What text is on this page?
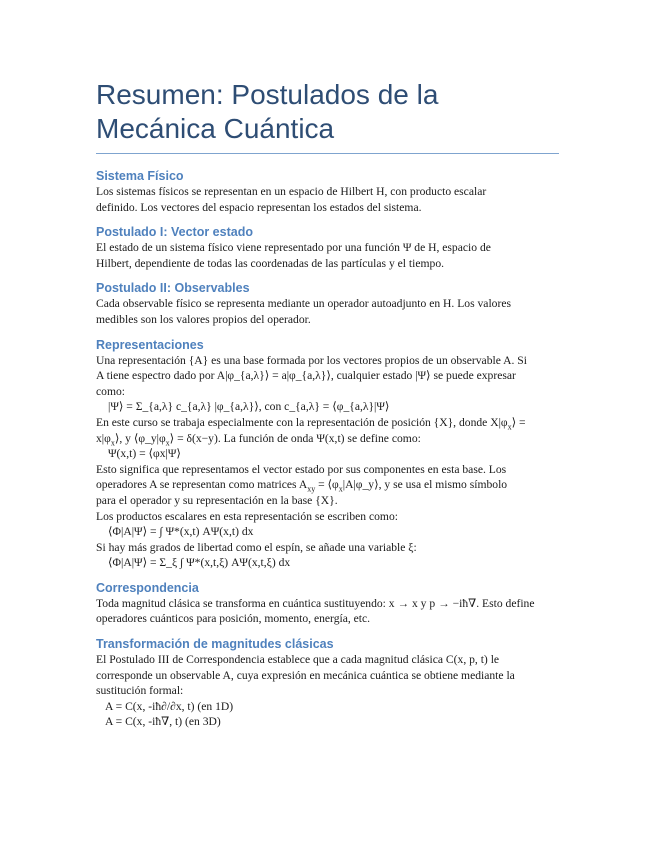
Resumen: Postulados de la Mecánica Cuántica

Sistema Físico

Los sistemas físicos se representan en un espacio de Hilbert H, con producto escalar

definido. Los vectores del espacio representan los estados del sistema.

Postulado I: Vector estado

El estado de un sistema físico viene representado por una función Ψ de H, espacio de

Hilbert, dependiente de todas las coordenadas de las partículas y el tiempo.

Postulado II: Observables

Cada observable físico se representa mediante un operador autoadjunto en H. Los valores

medibles son los valores propios del operador.

Representaciones

Una representación {A} es una base formada por los vectores propios de un observable A. Si

A tiene espectro dado por A|φ_{a,λ}⟩ = a|φ_{a,λ}⟩, cualquier estado |Ψ⟩ se puede expresar

como:

|Ψ⟩ = Σ_{a,λ} c_{a,λ} |φ_{a,λ}⟩, con c_{a,λ} = ⟨φ_{a,λ}|Ψ⟩

En este curso se trabaja especialmente con la representación de posición {X}, donde $X|\varphi_x⟩$ =

$x|\varphi_x⟩$, y $⟨\varphi\_y|\varphi_x⟩ = \delta(x-y)$. La función de onda Ψ(x,t) se define como:

Ψ(x,t) = ⟨φx|Ψ⟩

Esto significa que representamos el vector estado por sus componentes en esta base. Los

operadores A se representan como matrices $A_{xy}$ = $⟨\varphi_x|A|\varphi\_y⟩$, y se usa el mismo símbolo

para el operador y su representación en la base {X}.

Los productos escalares en esta representación se escriben como:

⟨Φ|A|Ψ⟩ = ∫ Ψ*(x,t) AΨ(x,t) dx

Si hay más grados de libertad como el espín, se añade una variable ξ:

⟨Φ|A|Ψ⟩ = Σ_ξ ∫ Ψ*(x,t,ξ) AΨ(x,t,ξ) dx

Correspondencia

Toda magnitud clásica se transforma en cuántica sustituyendo: x → x y p → −iħ∇. Esto define

operadores cuánticos para posición, momento, energía, etc.

Transformación de magnitudes clásicas

El Postulado III de Correspondencia establece que a cada magnitud clásica C(x, p, t) le

corresponde un observable A, cuya expresión en mecánica cuántica se obtiene mediante la

sustitución formal:

A = C(x, -iħ∂/∂x, t) (en 1D)

A = C(x, -iħ∇, t) (en 3D)
